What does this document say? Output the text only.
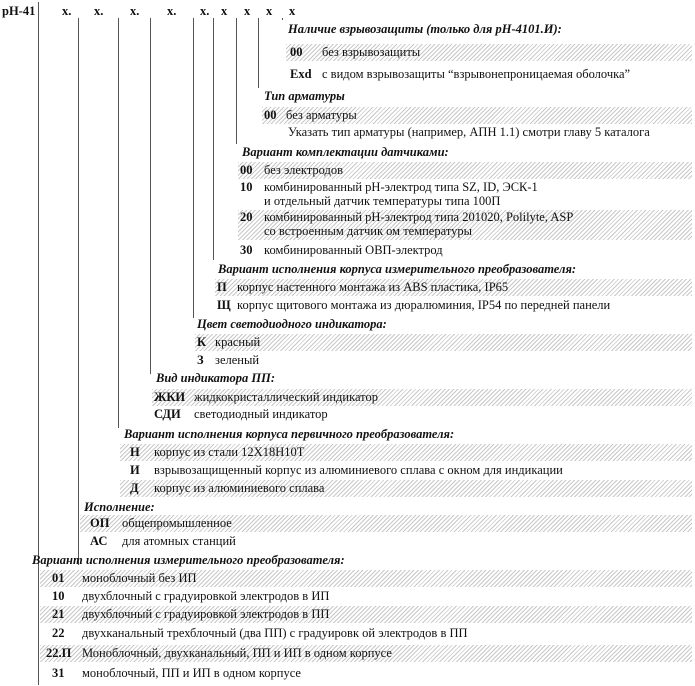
pH-41 x. x. x. x. x. x x x x
Наличие взрывозащиты (только для pH-4101.И):
00 без взрывозащиты
Exd с видом взрывозащиты “взрывонепроницаемая оболочка”
Тип арматуры
00 без арматуры
Указать тип арматуры (например, АПН 1.1) смотри главу 5 каталога
Вариант комплектации датчиками:
00 без электродов
10 комбинированный pH-электрод типа SZ, ID, ЭСК-1
и отдельный датчик температуры типа 100П
20 комбинированный pH-электрод типа 201020, Polilyte, ASP
со встроенным датчик ом температуры
30 комбинированный ОВП-электрод
Вариант исполнения корпуса измерительного преобразователя:
П корпус настенного монтажа из ABS пластика, IP65
Щ корпус щитового монтажа из дюралюминия, IP54 по передней панели
Цвет светодиодного индикатора:
К красный
З зеленый
Вид индикатора ПП:
ЖКИ жидкокристаллический индикатор
СДИ светодиодный индикатор
Вариант исполнения корпуса первичного преобразователя:
Н корпус из стали 12Х18Н10Т
И взрывозащищенный корпус из алюминиевого сплава с окном для индикации
Д корпус из алюминиевого сплава
Исполнение:
ОП общепромышленное
АС для атомных станций
Вариант исполнения измерительного преобразователя:
01 моноблочный без ИП
10 двухблочный с градуировкой электродов в ИП
21 двухблочный с градуировкой электродов в ПП
22 двухканальный трехблочный (два ПП) с градуировк ой электродов в ПП
22.П Моноблочный, двухканальный, ПП и ИП в одном корпусе
31 моноблочный, ПП и ИП в одном корпусе
